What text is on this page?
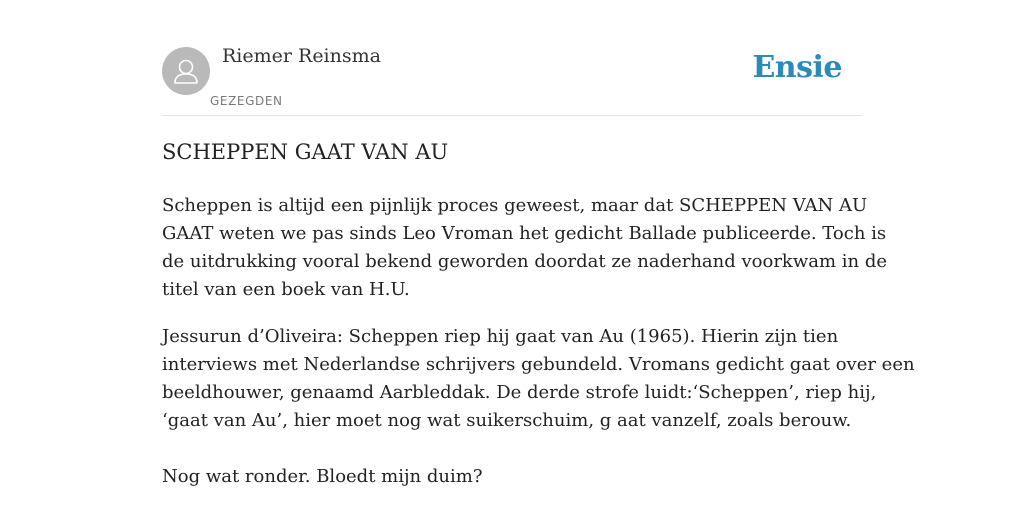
Riemer Reinsma
GEZEGDEN
Ensie
SCHEPPEN GAAT VAN AU

Scheppen is altijd een pijnlijk proces geweest, maar dat SCHEPPEN VAN AU
GAAT weten we pas sinds Leo Vroman het gedicht Ballade publiceerde. Toch is
de uitdrukking vooral bekend geworden doordat ze naderhand voorkwam in de
titel van een boek van H.U.

Jessurun d’Oliveira: Scheppen riep hij gaat van Au (1965). Hierin zijn tien
interviews met Nederlandse schrijvers gebundeld. Vromans gedicht gaat over een
beeldhouwer, genaamd Aarbleddak. De derde strofe luidt:‘Scheppen’, riep hij,
‘gaat van Au’, hier moet nog wat suikerschuim, g aat vanzelf, zoals berouw.

Nog wat ronder. Bloedt mijn duim?
